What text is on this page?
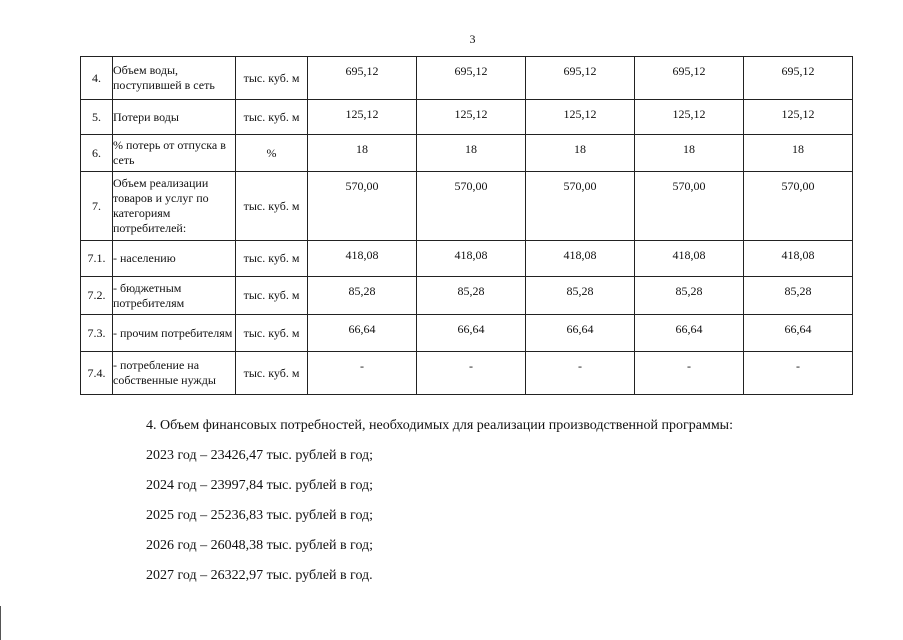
3
4.	Объем воды, поступившей в сеть	тыс. куб. м	695,12	695,12	695,12	695,12	695,12
5.	Потери воды	тыс. куб. м	125,12	125,12	125,12	125,12	125,12
6.	% потерь от отпуска в сеть	%	18	18	18	18	18
7.	Объем реализации товаров и услуг по категориям потребителей:	тыс. куб. м	570,00	570,00	570,00	570,00	570,00
7.1.	- населению	тыс. куб. м	418,08	418,08	418,08	418,08	418,08
7.2.	- бюджетным потребителям	тыс. куб. м	85,28	85,28	85,28	85,28	85,28
7.3.	- прочим потребителям	тыс. куб. м	66,64	66,64	66,64	66,64	66,64
7.4.	- потребление на собственные нужды	тыс. куб. м	-	-	-	-	-

4. Объем финансовых потребностей, необходимых для реализации производственной программы:

2023 год – 23426,47 тыс. рублей в год;

2024 год – 23997,84 тыс. рублей в год;

2025 год – 25236,83 тыс. рублей в год;

2026 год – 26048,38 тыс. рублей в год;

2027 год – 26322,97 тыс. рублей в год.
